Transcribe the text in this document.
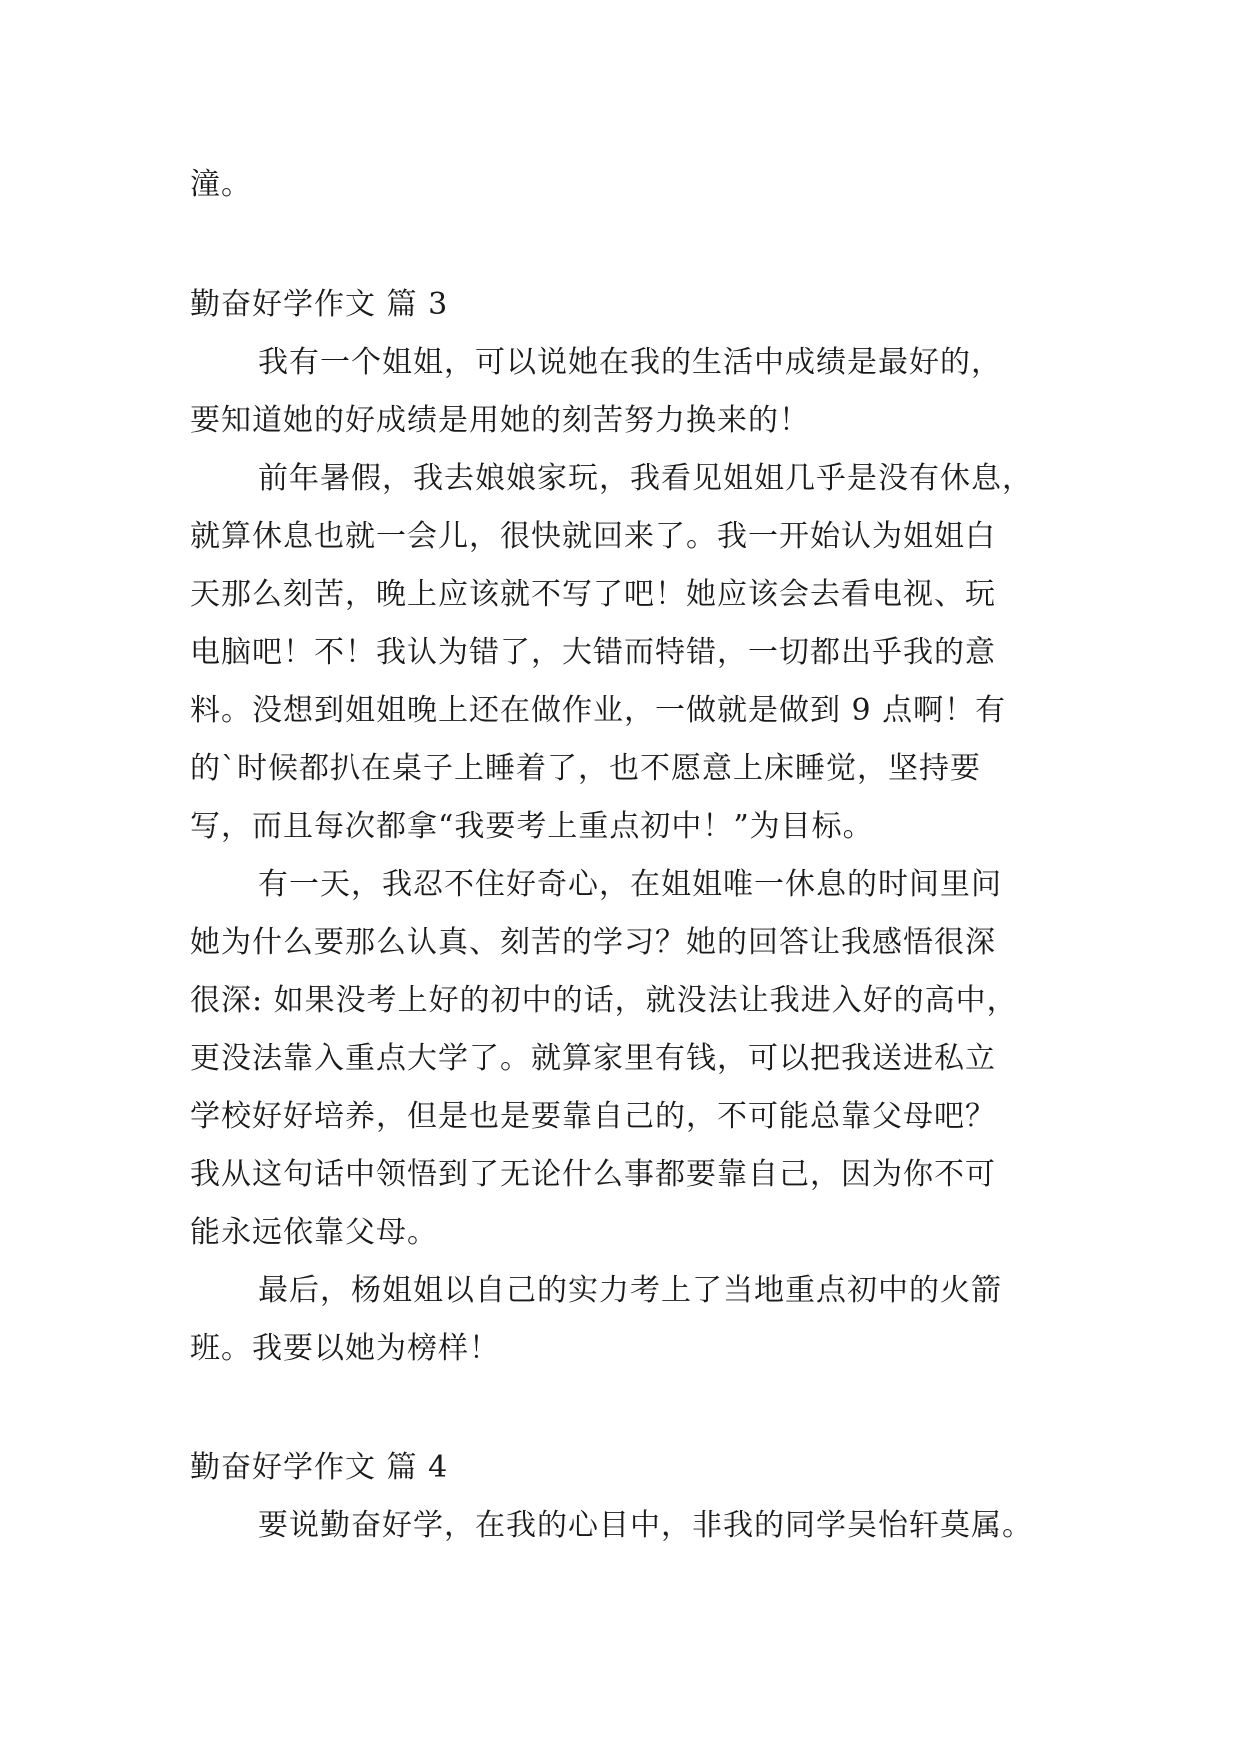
潼。
勤奋好学作文 篇 3
我有一个姐姐，可以说她在我的生活中成绩是最好的，
要知道她的好成绩是用她的刻苦努力换来的！
前年暑假，我去娘娘家玩，我看见姐姐几乎是没有休息，
就算休息也就一会儿，很快就回来了。我一开始认为姐姐白
天那么刻苦，晚上应该就不写了吧！她应该会去看电视、玩
电脑吧！不！我认为错了，大错而特错，一切都出乎我的意
料。没想到姐姐晚上还在做作业，一做就是做到 9 点啊！有
的`时候都扒在桌子上睡着了，也不愿意上床睡觉，坚持要
写，而且每次都拿“我要考上重点初中！”为目标。
有一天，我忍不住好奇心，在姐姐唯一休息的时间里问
她为什么要那么认真、刻苦的学习？她的回答让我感悟很深
很深: 如果没考上好的初中的话，就没法让我进入好的高中，
更没法靠入重点大学了。就算家里有钱，可以把我送进私立
学校好好培养，但是也是要靠自己的，不可能总靠父母吧？
我从这句话中领悟到了无论什么事都要靠自己，因为你不可
能永远依靠父母。
最后，杨姐姐以自己的实力考上了当地重点初中的火箭
班。我要以她为榜样！
勤奋好学作文 篇 4
要说勤奋好学，在我的心目中，非我的同学吴怡轩莫属。
